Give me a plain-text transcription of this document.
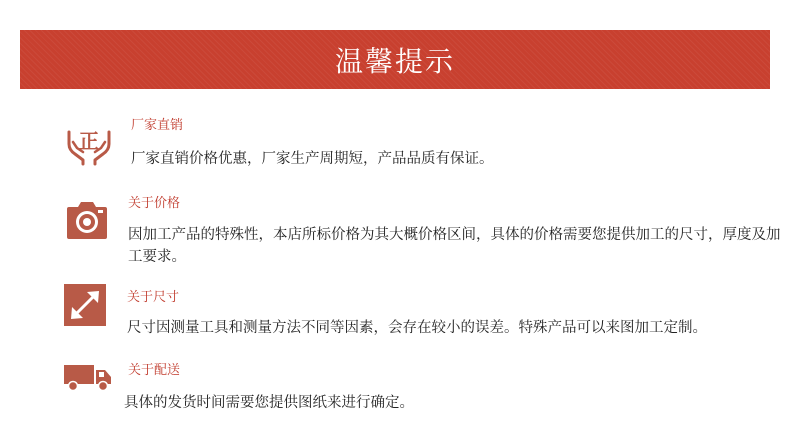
温馨提示
正
厂家直销
厂家直销价格优惠，厂家生产周期短，产品品质有保证。
关于价格
因加工产品的特殊性，本店所标价格为其大概价格区间，具体的价格需要您提供加工的尺寸，厚度及加工要求。
关于尺寸
尺寸因测量工具和测量方法不同等因素，会存在较小的误差。特殊产品可以来图加工定制。
关于配送
具体的发货时间需要您提供图纸来进行确定。
